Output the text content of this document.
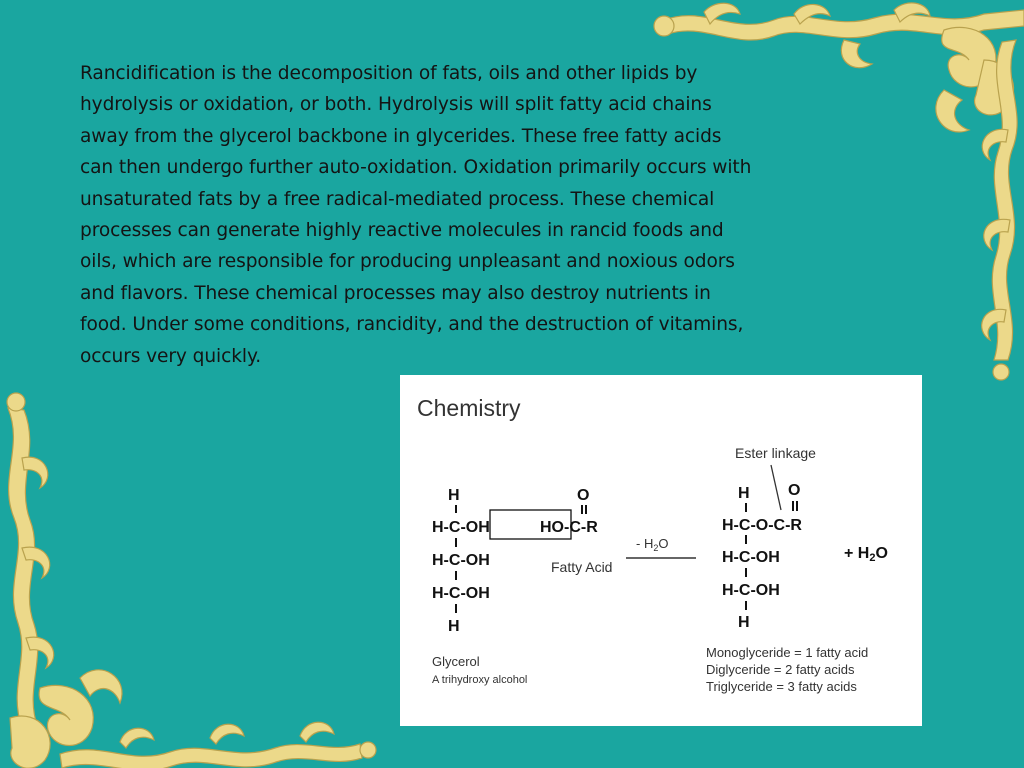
Rancidification is the decomposition of fats, oils and other lipids by hydrolysis or oxidation, or both. Hydrolysis will split fatty acid chains away from the glycerol backbone in glycerides. These free fatty acids can then undergo further auto-oxidation. Oxidation primarily occurs with unsaturated fats by a free radical-mediated process. These chemical processes can generate highly reactive molecules in rancid foods and oils, which are responsible for producing unpleasant and noxious odors and flavors. These chemical processes may also destroy nutrients in food. Under some conditions, rancidity, and the destruction of vitamins, occurs very quickly.

Chemistry
H
H-C-OH
H-C-OH
H-C-OH
H
O
HO-C-R
Fatty Acid
- $H_2O$
Ester linkage
H O
H-C-O-C-R
H-C-OH
H-C-OH
H
+ H2O
Glycerol
A trihydroxy alcohol
Monoglyceride = 1 fatty acid
Diglyceride = 2 fatty acids
Triglyceride = 3 fatty acids
